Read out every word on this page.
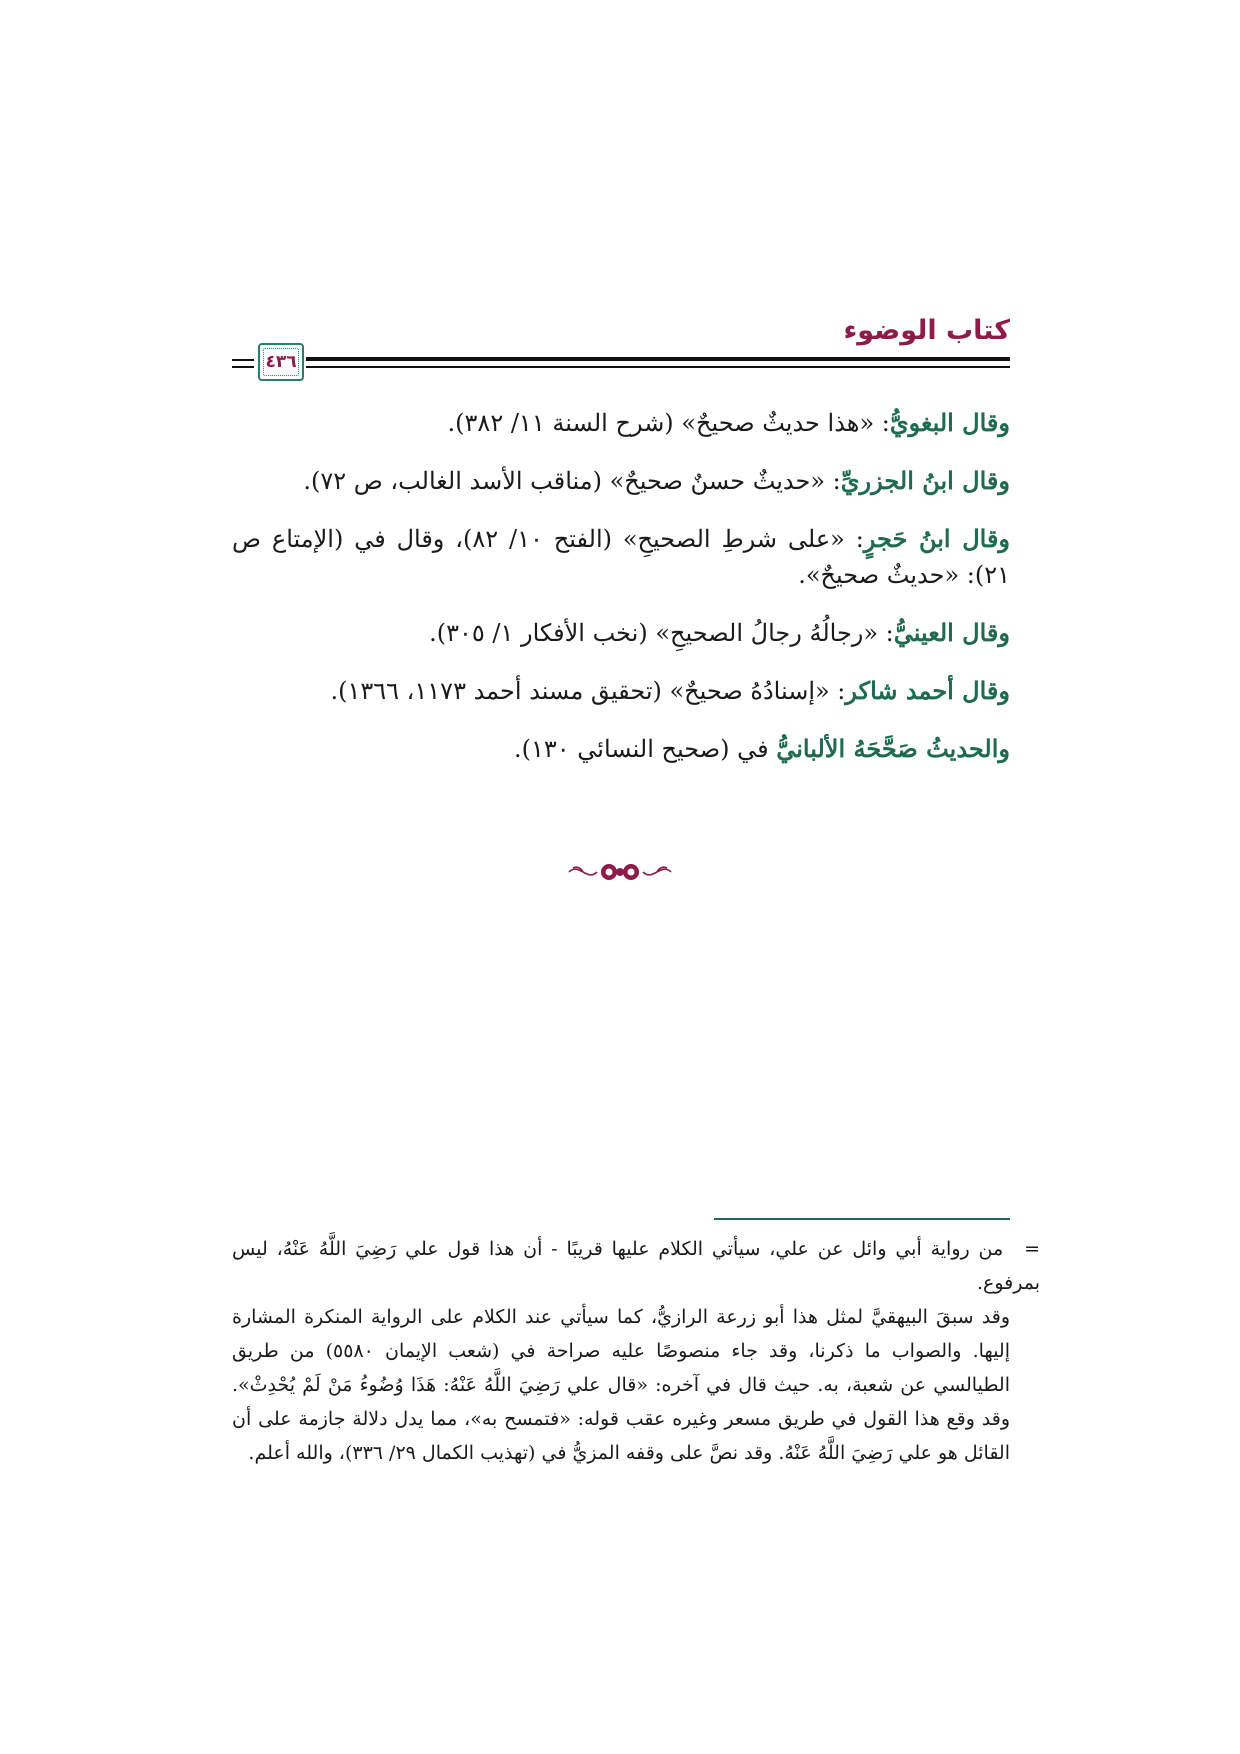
كتاب الوضوء
٤٣٦

وقال البغويُّ: «هذا حديثٌ صحيحٌ» (شرح السنة ١١/ ٣٨٢).

وقال ابنُ الجزريِّ: «حديثٌ حسنٌ صحيحٌ» (مناقب الأسد الغالب، ص ٧٢).

وقال ابنُ حَجرٍ: «على شرطِ الصحيحِ» (الفتح ١٠/ ٨٢)، وقال في (الإمتاع ص ٢١): «حديثٌ صحيحٌ».

وقال العينيُّ: «رجالُهُ رجالُ الصحيحِ» (نخب الأفكار ١/ ٣٠٥).

وقال أحمد شاكر: «إسنادُهُ صحيحٌ» (تحقيق مسند أحمد ١١٧٣، ١٣٦٦).

والحديثُ صَحَّحَهُ الألبانيُّ في (صحيح النسائي ١٣٠).

= من رواية أبي وائل عن علي، سيأتي الكلام عليها قريبًا - أن هذا قول علي رَضِيَ اللَّهُ عَنْهُ، ليس بمرفوع.

وقد سبقَ البيهقيَّ لمثل هذا أبو زرعة الرازيُّ، كما سيأتي عند الكلام على الرواية المنكرة المشارة إليها. والصواب ما ذكرنا، وقد جاء منصوصًا عليه صراحة في (شعب الإيمان ٥٥٨٠) من طريق الطيالسي عن شعبة، به. حيث قال في آخره: «قال علي رَضِيَ اللَّهُ عَنْهُ: هَذَا وُضُوءُ مَنْ لَمْ يُحْدِثْ». وقد وقع هذا القول في طريق مسعر وغيره عقب قوله: «فتمسح به»، مما يدل دلالة جازمة على أن القائل هو علي رَضِيَ اللَّهُ عَنْهُ. وقد نصَّ على وقفه المزيُّ في (تهذيب الكمال ٢٩/ ٣٣٦)، والله أعلم.
